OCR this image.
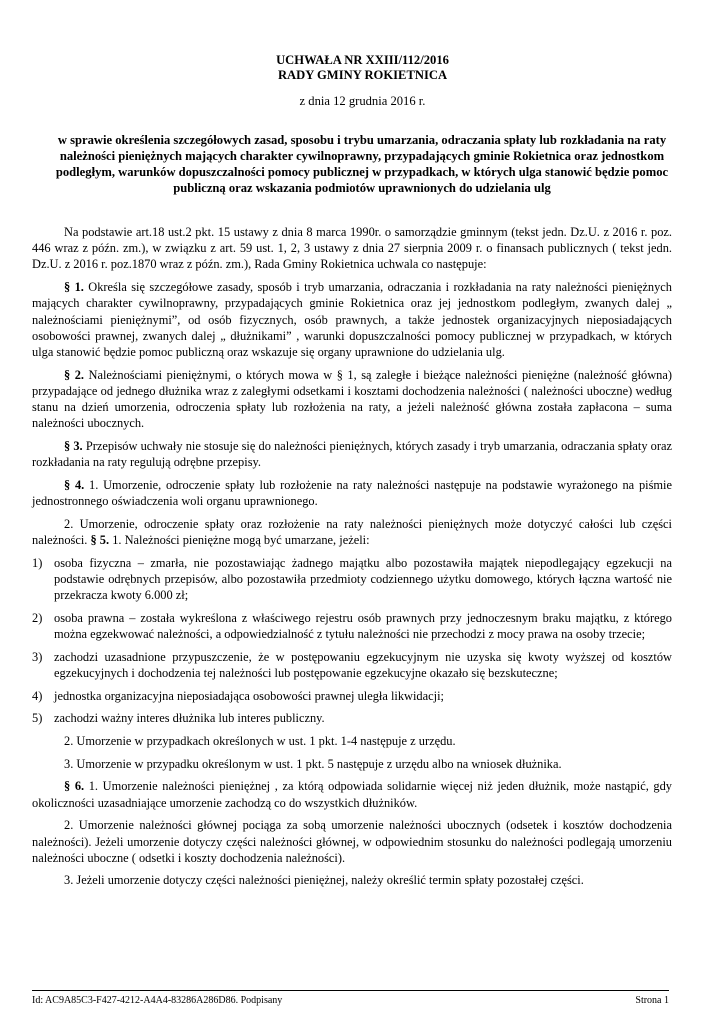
UCHWAŁA NR XXIII/112/2016
RADY GMINY ROKIETNICA
z dnia 12 grudnia 2016 r.
w sprawie określenia szczegółowych zasad, sposobu i trybu umarzania, odraczania spłaty lub rozkładania na raty należności pieniężnych mających charakter cywilnoprawny, przypadających gminie Rokietnica oraz jednostkom podległym, warunków dopuszczalności pomocy publicznej w przypadkach, w których ulga stanowić będzie pomoc publiczną oraz wskazania podmiotów uprawnionych do udzielania ulg

Na podstawie art.18 ust.2 pkt. 15 ustawy z dnia 8 marca 1990r. o samorządzie gminnym (tekst jedn. Dz.U. z 2016 r. poz. 446 wraz z późn. zm.), w związku z art. 59 ust. 1, 2, 3 ustawy z dnia 27 sierpnia 2009 r. o finansach publicznych ( tekst jedn. Dz.U. z 2016 r. poz.1870 wraz z późn. zm.), Rada Gminy Rokietnica uchwala co następuje:

§ 1. Określa się szczegółowe zasady, sposób i tryb umarzania, odraczania i rozkładania na raty należności pieniężnych mających charakter cywilnoprawny, przypadających gminie Rokietnica oraz jej jednostkom podległym, zwanych dalej „ należnościami pieniężnymi”, od osób fizycznych, osób prawnych, a także jednostek organizacyjnych nieposiadających osobowości prawnej, zwanych dalej „ dłużnikami” , warunki dopuszczalności pomocy publicznej w przypadkach, w których ulga stanowić będzie pomoc publiczną oraz wskazuje się organy uprawnione do udzielania ulg.

§ 2. Należnościami pieniężnymi, o których mowa w § 1, są zaległe i bieżące należności pieniężne (należność główna) przypadające od jednego dłużnika wraz z zaległymi odsetkami i kosztami dochodzenia należności ( należności uboczne) według stanu na dzień umorzenia, odroczenia spłaty lub rozłożenia na raty, a jeżeli należność główna została zapłacona – suma należności ubocznych.

§ 3. Przepisów uchwały nie stosuje się do należności pieniężnych, których zasady i tryb umarzania, odraczania spłaty oraz rozkładania na raty regulują odrębne przepisy.

§ 4. 1. Umorzenie, odroczenie spłaty lub rozłożenie na raty należności następuje na podstawie wyrażonego na piśmie jednostronnego oświadczenia woli organu uprawnionego.

2. Umorzenie, odroczenie spłaty oraz rozłożenie na raty należności pieniężnych może dotyczyć całości lub części należności. § 5. 1. Należności pieniężne mogą być umarzane, jeżeli:

1) osoba fizyczna – zmarła, nie pozostawiając żadnego majątku albo pozostawiła majątek niepodlegający egzekucji na podstawie odrębnych przepisów, albo pozostawiła przedmioty codziennego użytku domowego, których łączna wartość nie przekracza kwoty 6.000 zł;
2) osoba prawna – została wykreślona z właściwego rejestru osób prawnych przy jednoczesnym braku majątku, z którego można egzekwować należności, a odpowiedzialność z tytułu należności nie przechodzi z mocy prawa na osoby trzecie;
3) zachodzi uzasadnione przypuszczenie, że w postępowaniu egzekucyjnym nie uzyska się kwoty wyższej od kosztów egzekucyjnych i dochodzenia tej należności lub postępowanie egzekucyjne okazało się bezskuteczne;
4) jednostka organizacyjna nieposiadająca osobowości prawnej uległa likwidacji;
5) zachodzi ważny interes dłużnika lub interes publiczny.

2. Umorzenie w przypadkach określonych w ust. 1 pkt. 1-4 następuje z urzędu.

3. Umorzenie w przypadku określonym w ust. 1 pkt. 5 następuje z urzędu albo na wniosek dłużnika.

§ 6. 1. Umorzenie należności pieniężnej , za którą odpowiada solidarnie więcej niż jeden dłużnik, może nastąpić, gdy okoliczności uzasadniające umorzenie zachodzą co do wszystkich dłużników.

2. Umorzenie należności głównej pociąga za sobą umorzenie należności ubocznych (odsetek i kosztów dochodzenia należności). Jeżeli umorzenie dotyczy części należności głównej, w odpowiednim stosunku do należności podlegają umorzeniu należności uboczne ( odsetki i koszty dochodzenia należności).

3. Jeżeli umorzenie dotyczy części należności pieniężnej, należy określić termin spłaty pozostałej części.

Id: AC9A85C3-F427-4212-A4A4-83286A286D86. Podpisany	Strona 1
